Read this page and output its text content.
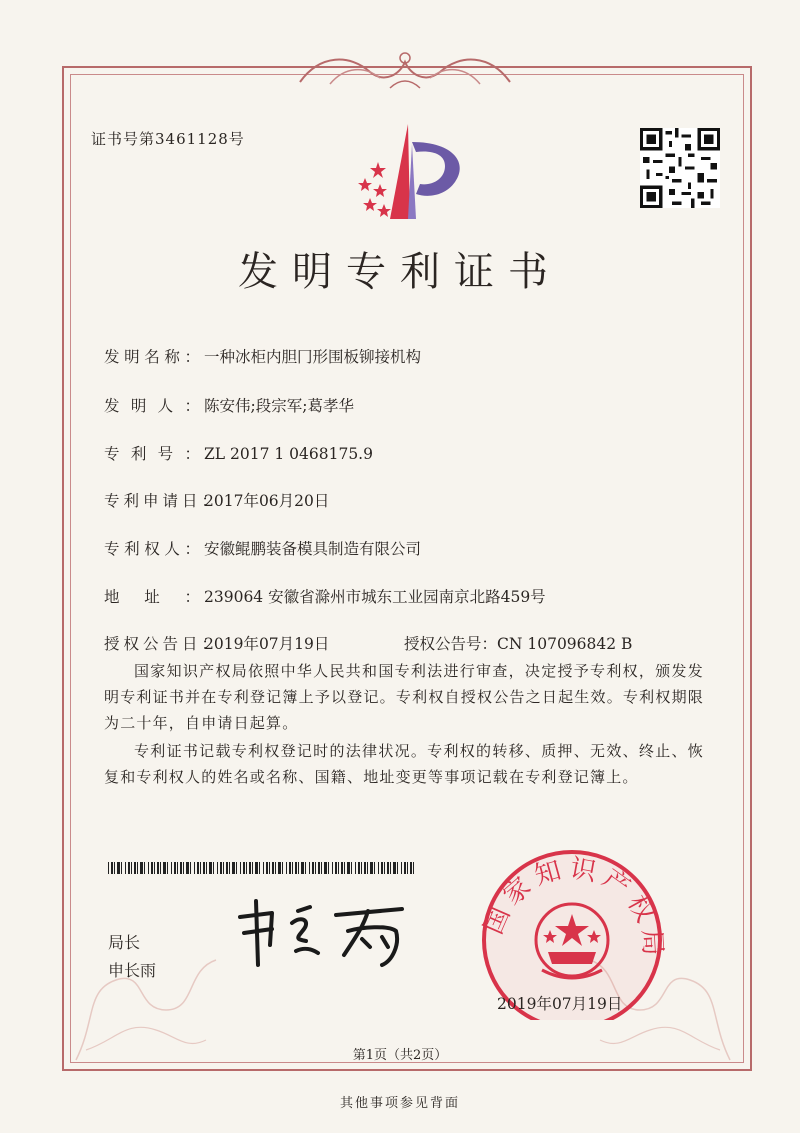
证书号第3461128号
发明专利证书
发明名称：一种冰柜内胆冂形围板铆接机构
发明人：陈安伟;段宗军;葛孝华
专利号：ZL 2017 1 0468175.9
专利申请日：2017年06月20日
专利权人：安徽鲲鹏装备模具制造有限公司
地址：239064 安徽省滁州市城东工业园南京北路459号
授权公告日：2019年07月19日	授权公告号：CN 107096842 B
国家知识产权局依照中华人民共和国专利法进行审查，决定授予专利权，颁发发明专利证书并在专利登记簿上予以登记。专利权自授权公告之日起生效。专利权期限为二十年，自申请日起算。
专利证书记载专利权登记时的法律状况。专利权的转移、质押、无效、终止、恢复和专利权人的姓名或名称、国籍、地址变更等事项记载在专利登记簿上。
局长
申长雨
国家知识产权局
2019年07月19日
第1页（共2页）
其他事项参见背面
